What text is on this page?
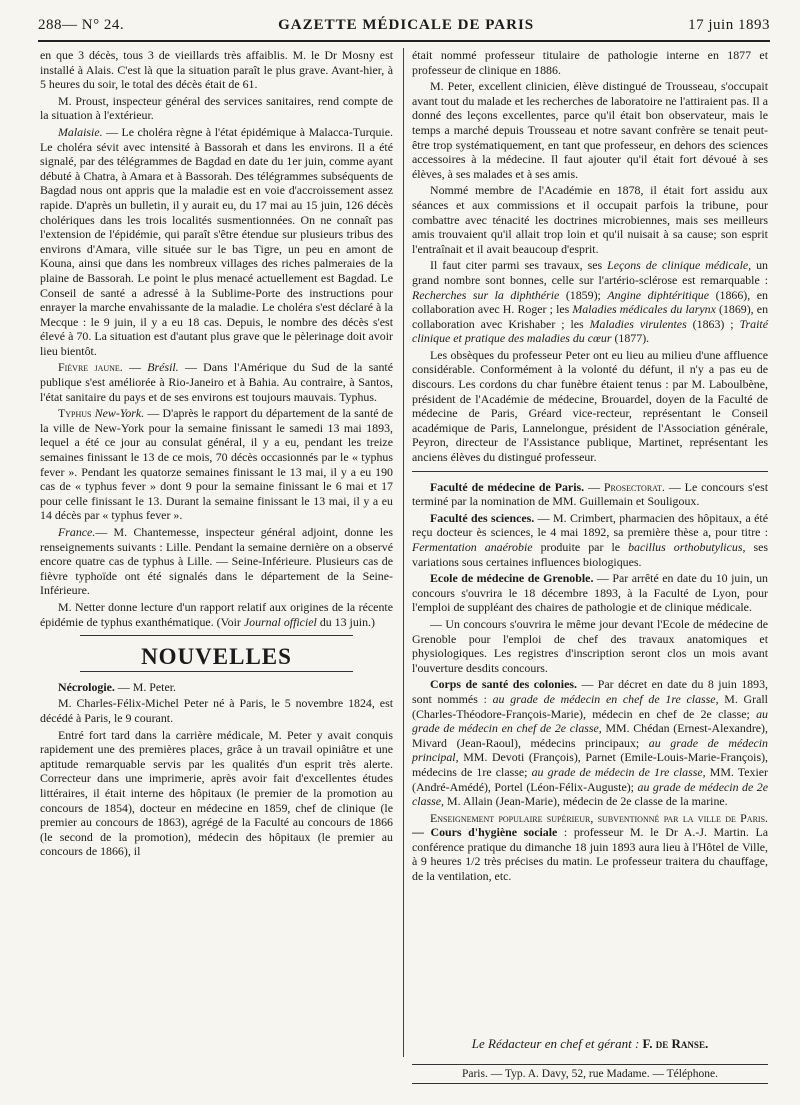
288— N° 24.	GAZETTE MÉDICALE DE PARIS	17 juin 1893

en que 3 décès, tous 3 de vieillards très affaiblis. M. le Dr Mosny est installé à Alais. C'est là que la situation paraît le plus grave. Avant-hier, à 5 heures du soir, le total des décès était de 61.

M. Proust, inspecteur général des services sanitaires, rend compte de la situation à l'extérieur.

Malaisie. — Le choléra règne à l'état épidémique à Malacca-Turquie. Le choléra sévit avec intensité à Bassorah et dans les environs. Il a été signalé, par des télégrammes de Bagdad en date du 1er juin, comme ayant débuté à Chatra, à Amara et à Bassorah. Des télégrammes subséquents de Bagdad nous ont appris que la maladie est en voie d'accroissement assez rapide. D'après un bulletin, il y aurait eu, du 17 mai au 15 juin, 126 décès cholériques dans les trois localités susmentionnées. On ne connaît pas l'extension de l'épidémie, qui paraît s'être étendue sur plusieurs tribus des environs d'Amara, ville située sur le bas Tigre, un peu en amont de Kouna, ainsi que dans les nombreux villages des riches palmeraies de la plaine de Bassorah. Le point le plus menacé actuellement est Bagdad. Le Conseil de santé a adressé à la Sublime-Porte des instructions pour enrayer la marche envahissante de la maladie. Le choléra s'est déclaré à la Mecque : le 9 juin, il y a eu 18 cas. Depuis, le nombre des décès s'est élevé à 70. La situation est d'autant plus grave que le pèlerinage doit avoir lieu bientôt.

Fièvre jaune. — Brésil. — Dans l'Amérique du Sud de la santé publique s'est améliorée à Rio-Janeiro et à Bahia. Au contraire, à Santos, l'état sanitaire du pays et de ses environs est toujours mauvais. Typhus.

Typhus New-York. — D'après le rapport du département de la santé de la ville de New-York pour la semaine finissant le samedi 13 mai 1893, lequel a été ce jour au consulat général, il y a eu, pendant les treize semaines finissant le 13 de ce mois, 70 décès occasionnés par le « typhus fever ». Pendant les quatorze semaines finissant le 13 mai, il y a eu 190 cas de « typhus fever » dont 9 pour la semaine finissant le 6 mai et 17 pour celle finissant le 13. Durant la semaine finissant le 13 mai, il y a eu 14 décès par « typhus fever ».

France.— M. Chantemesse, inspecteur général adjoint, donne les renseignements suivants : Lille. Pendant la semaine dernière on a observé encore quatre cas de typhus à Lille. — Seine-Inférieure. Plusieurs cas de fièvre typhoïde ont été signalés dans le département de la Seine-Inférieure.

M. Netter donne lecture d'un rapport relatif aux origines de la récente épidémie de typhus exanthématique. (Voir Journal officiel du 13 juin.)

NOUVELLES

Nécrologie. — M. Peter.

M. Charles-Félix-Michel Peter né à Paris, le 5 novembre 1824, est décédé à Paris, le 9 courant.

Entré fort tard dans la carrière médicale, M. Peter y avait conquis rapidement une des premières places, grâce à un travail opiniâtre et une aptitude remarquable servis par les qualités d'un esprit très alerte. Correcteur dans une imprimerie, après avoir fait d'excellentes études littéraires, il était interne des hôpitaux (le premier de la promotion au concours de 1854), docteur en médecine en 1859, chef de clinique (le premier au concours de 1863), agrégé de la Faculté au concours de 1866 (le second de la promotion), médecin des hôpitaux (le premier au concours de 1866), il

était nommé professeur titulaire de pathologie interne en 1877 et professeur de clinique en 1886.

M. Peter, excellent clinicien, élève distingué de Trousseau, s'occupait avant tout du malade et les recherches de laboratoire ne l'attiraient pas. Il a donné des leçons excellentes, parce qu'il était bon observateur, mais le temps a marché depuis Trousseau et notre savant confrère se tenait peut-être trop systématiquement, en tant que professeur, en dehors des sciences accessoires à la médecine. Il faut ajouter qu'il était fort dévoué à ses élèves, à ses malades et à ses amis.

Nommé membre de l'Académie en 1878, il était fort assidu aux séances et aux commissions et il occupait parfois la tribune, pour combattre avec ténacité les doctrines microbiennes, mais ses meilleurs amis trouvaient qu'il allait trop loin et qu'il nuisait à sa cause; son esprit l'entraînait et il avait beaucoup d'esprit.

Il faut citer parmi ses travaux, ses Leçons de clinique médicale, un grand nombre sont bonnes, celle sur l'artério-sclérose est remarquable : Recherches sur la diphthérie (1859); Angine diphtéritique (1866), en collaboration avec H. Roger ; les Maladies médicales du larynx (1869), en collaboration avec Krishaber ; les Maladies virulentes (1863) ; Traité clinique et pratique des maladies du cœur (1877).

Les obsèques du professeur Peter ont eu lieu au milieu d'une affluence considérable. Conformément à la volonté du défunt, il n'y a pas eu de discours. Les cordons du char funèbre étaient tenus : par M. Laboulbène, président de l'Académie de médecine, Brouardel, doyen de la Faculté de médecine de Paris, Gréard vice-recteur, représentant le Conseil académique de Paris, Lannelongue, président de l'Association générale, Peyron, directeur de l'Assistance publique, Martinet, représentant les anciens élèves du distingué professeur.

Faculté de médecine de Paris. — Prosectorat. — Le concours s'est terminé par la nomination de MM. Guillemain et Souligoux.

Faculté des sciences. — M. Crimbert, pharmacien des hôpitaux, a été reçu docteur ès sciences, le 4 mai 1892, sa première thèse a, pour titre : Fermentation anaérobie produite par le bacillus orthobutylicus, ses variations sous certaines influences biologiques.

Ecole de médecine de Grenoble. — Par arrêté en date du 10 juin, un concours s'ouvrira le 18 décembre 1893, à la Faculté de Lyon, pour l'emploi de suppléant des chaires de pathologie et de clinique médicale.

— Un concours s'ouvrira le même jour devant l'Ecole de médecine de Grenoble pour l'emploi de chef des travaux anatomiques et physiologiques. Les registres d'inscription seront clos un mois avant l'ouverture desdits concours.

Corps de santé des colonies. — Par décret en date du 8 juin 1893, sont nommés : au grade de médecin en chef de 1re classe, M. Grall (Charles-Théodore-François-Marie), médecin en chef de 2e classe; au grade de médecin en chef de 2e classe, MM. Chédan (Ernest-Alexandre), Mivard (Jean-Raoul), médecins principaux; au grade de médecin principal, MM. Devoti (François), Parnet (Emile-Louis-Marie-François), médecins de 1re classe; au grade de médecin de 1re classe, MM. Texier (André-Amédé), Portel (Léon-Félix-Auguste); au grade de médecin de 2e classe, M. Allain (Jean-Marie), médecin de 2e classe de la marine.

Enseignement populaire supérieur, subventionné par la ville de Paris. — Cours d'hygiène sociale : professeur M. le Dr A.-J. Martin. La conférence pratique du dimanche 18 juin 1893 aura lieu à l'Hôtel de Ville, à 9 heures 1/2 très précises du matin. Le professeur traitera du chauffage, de la ventilation, etc.

Le Rédacteur en chef et gérant : F. de Ranse.
Paris. — Typ. A. Davy, 52, rue Madame. — Téléphone.
